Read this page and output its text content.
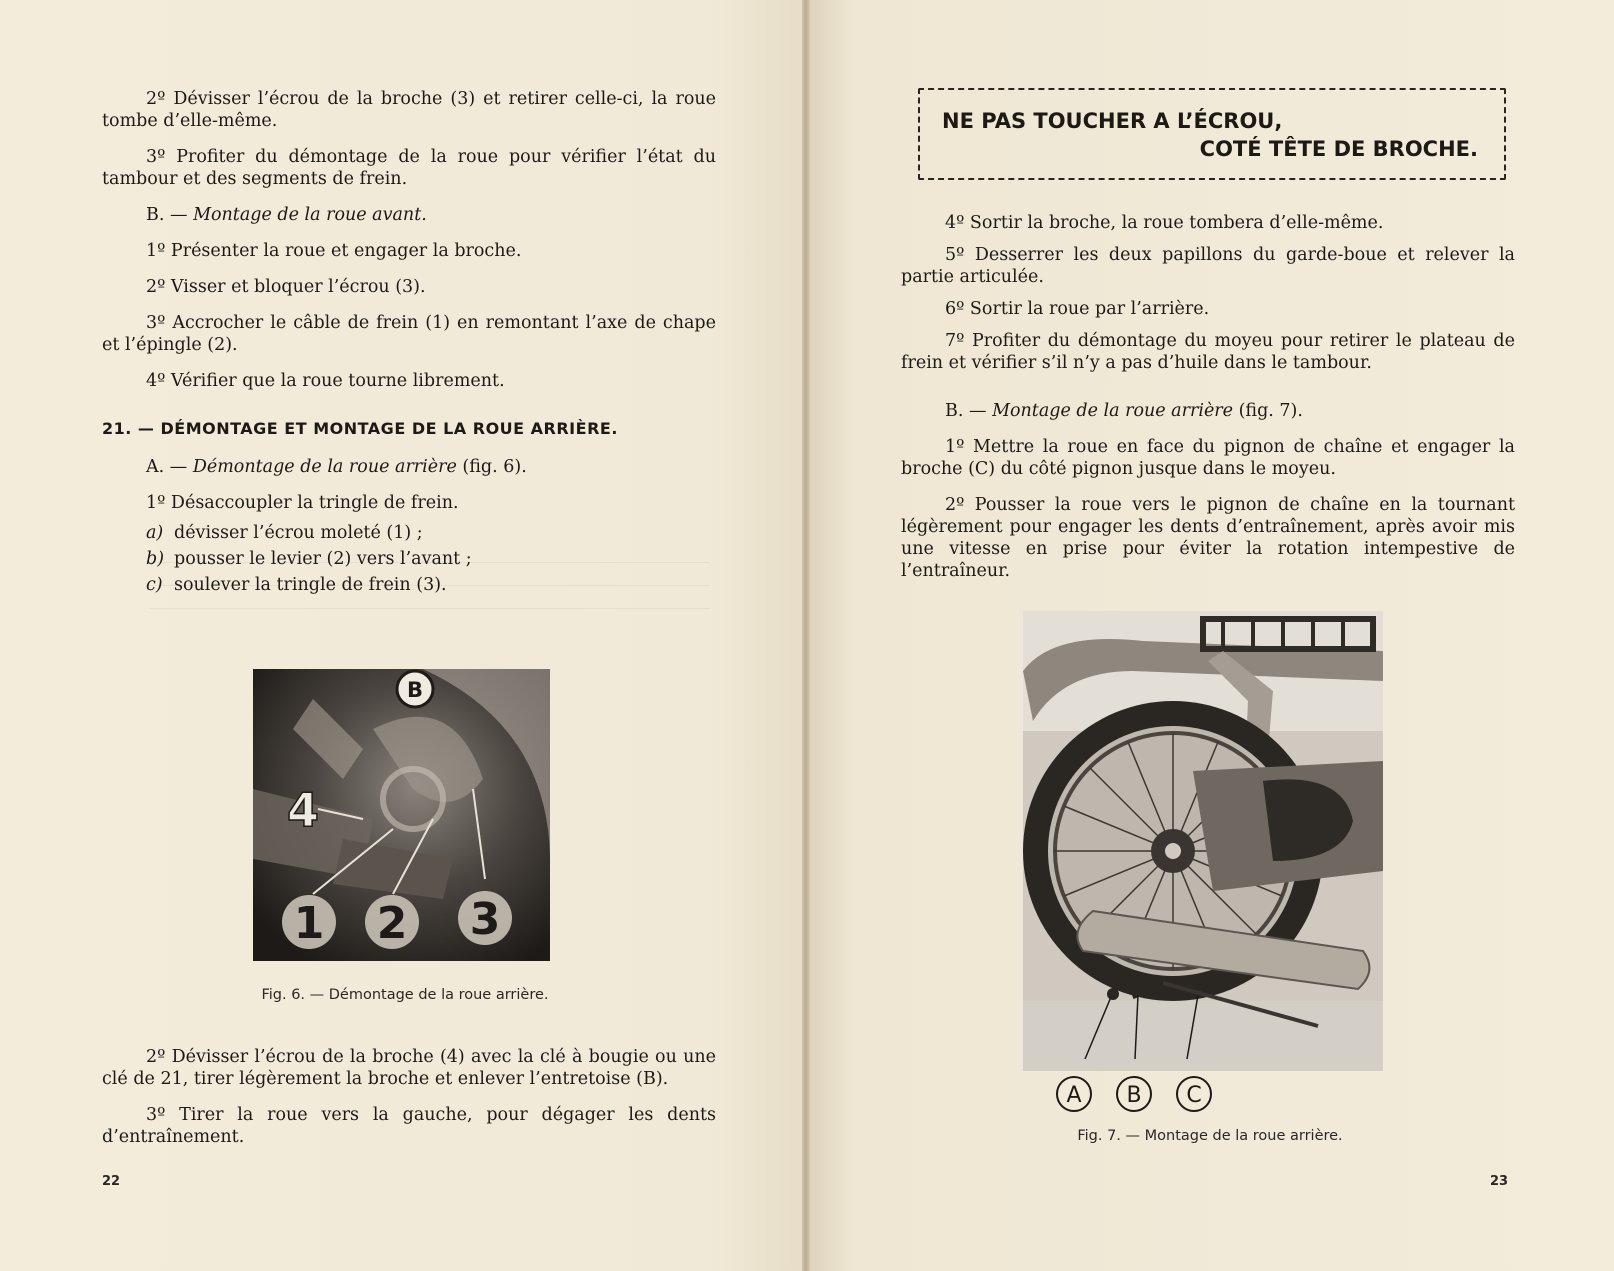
2º Dévisser l’écrou de la broche (3) et retirer celle-ci, la roue tombe d’elle-même.

3º Profiter du démontage de la roue pour vérifier l’état du tambour et des segments de frein.

B. — Montage de la roue avant.

1º Présenter la roue et engager la broche.

2º Visser et bloquer l’écrou (3).

3º Accrocher le câble de frein (1) en remontant l’axe de chape et l’épingle (2).

4º Vérifier que la roue tourne librement.

21. — DÉMONTAGE ET MONTAGE DE LA ROUE ARRIÈRE.

A. — Démontage de la roue arrière (fig. 6).

1º Désaccoupler la tringle de frein.

a) dévisser l’écrou moleté (1) ;
b) pousser le levier (2) vers l’avant ;
c) soulever la tringle de frein (3).
B
4
1 2 3
Fig. 6. — Démontage de la roue arrière.

2º Dévisser l’écrou de la broche (4) avec la clé à bougie ou une clé de 21, tirer légèrement la broche et enlever l’entretoise (B).

3º Tirer la roue vers la gauche, pour dégager les dents d’entraînement.

22
NE PAS TOUCHER A L’ÉCROU,
COTÉ TÊTE DE BROCHE.

4º Sortir la broche, la roue tombera d’elle-même.

5º Desserrer les deux papillons du garde-boue et relever la partie articulée.

6º Sortir la roue par l’arrière.

7º Profiter du démontage du moyeu pour retirer le plateau de frein et vérifier s’il n’y a pas d’huile dans le tambour.

B. — Montage de la roue arrière (fig. 7).

1º Mettre la roue en face du pignon de chaîne et engager la broche (C) du côté pignon jusque dans le moyeu.

2º Pousser la roue vers le pignon de chaîne en la tournant légèrement pour engager les dents d’entraînement, après avoir mis une vitesse en prise pour éviter la rotation intempestive de l’entraîneur.

A B C
Fig. 7. — Montage de la roue arrière.
23
